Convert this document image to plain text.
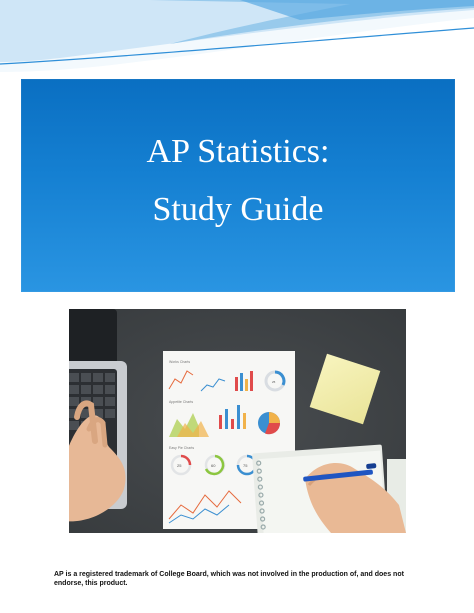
AP Statistics:
Study Guide
Works Charts
25
Appetite Charts
Easy Pie Charts
25	60	75
AP is a registered trademark of College Board, which was not involved in the production of, and does not endorse, this product.
